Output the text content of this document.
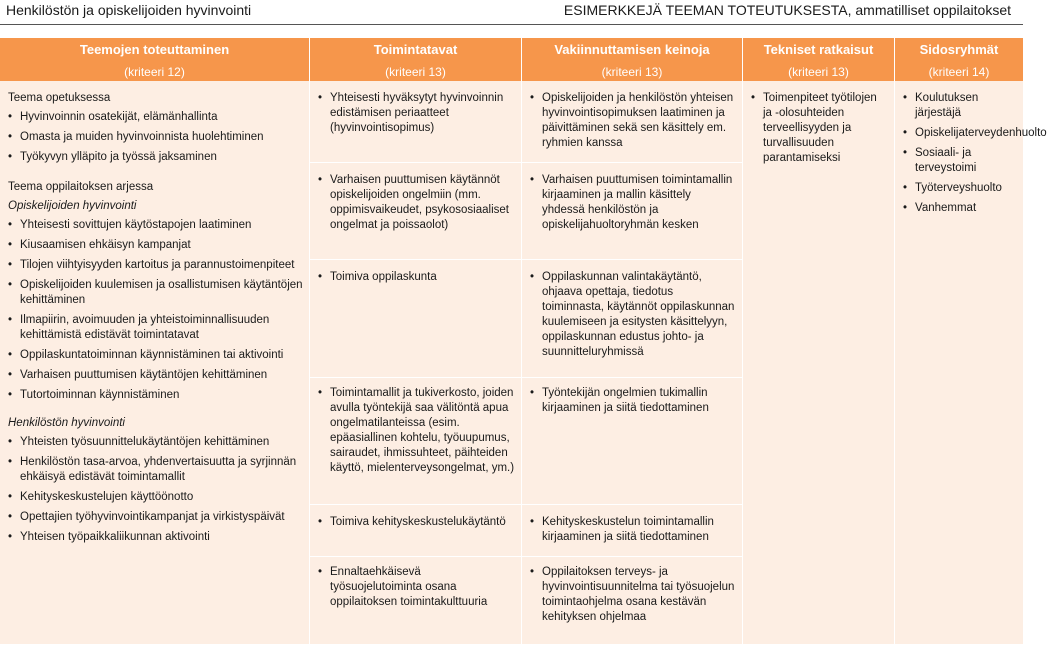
Henkilöstön ja opiskelijoiden hyvinvointi	ESIMERKKEJÄ TEEMAN TOTEUTUKSESTA, ammatilliset oppilaitokset
Teemojen toteuttaminen
(kriteeri 12)
Toimintatavat
(kriteeri 13)
Vakiinnuttamisen keinoja
(kriteeri 13)
Tekniset ratkaisut
(kriteeri 13)
Sidosryhmät
(kriteeri 14)
Teema opetuksessa
• Hyvinvoinnin osatekijät, elämänhallinta
• Omasta ja muiden hyvinvoinnista huolehtiminen
• Työkyvyn ylläpito ja työssä jaksaminen
Teema oppilaitoksen arjessa
Opiskelijoiden hyvinvointi
• Yhteisesti sovittujen käytöstapojen laatiminen
• Kiusaamisen ehkäisyn kampanjat
• Tilojen viihtyisyyden kartoitus ja parannustoimenpiteet
• Opiskelijoiden kuulemisen ja osallistumisen käytäntöjen kehittäminen
• Ilmapiirin, avoimuuden ja yhteistoiminnallisuuden kehittämistä edistävät toimintatavat
• Oppilaskuntatoiminnan käynnistäminen tai aktivointi
• Varhaisen puuttumisen käytäntöjen kehittäminen
• Tutortoiminnan käynnistäminen
Henkilöstön hyvinvointi
• Yhteisten työsuunnittelukäytäntöjen kehittäminen
• Henkilöstön tasa-arvoa, yhdenvertaisuutta ja syrjinnän ehkäisyä edistävät toimintamallit
• Kehityskeskustelujen käyttöönotto
• Opettajien työhyvinvointikampanjat ja virkistyspäivät
• Yhteisen työpaikkaliikunnan aktivointi
• Yhteisesti hyväksytyt hyvinvoinnin edistämisen periaatteet (hyvinvointisopimus)
• Varhaisen puuttumisen käytännöt opiskelijoiden ongelmiin (mm. oppimisvaikeudet, psykososiaaliset ongelmat ja poissaolot)
• Toimiva oppilaskunta
• Toimintamallit ja tukiverkosto, joiden avulla työntekijä saa välitöntä apua ongelmatilanteissa (esim. epäasiallinen kohtelu, työuupumus, sairaudet, ihmissuhteet, päihteiden käyttö, mielenterveysongelmat, ym.)
• Toimiva kehityskeskustelukäytäntö
• Ennaltaehkäisevä työsuojelutoiminta osana oppilaitoksen toimintakulttuuria
• Opiskelijoiden ja henkilöstön yhteisen hyvinvointisopimuksen laatiminen ja päivittäminen sekä sen käsittely em. ryhmien kanssa
• Varhaisen puuttumisen toimintamallin kirjaaminen ja mallin käsittely yhdessä henkilöstön ja opiskelijahuoltoryhmän kesken
• Oppilaskunnan valintakäytäntö, ohjaava opettaja, tiedotus toiminnasta, käytännöt oppilaskunnan kuulemiseen ja esitysten käsittelyyn, oppilaskunnan edustus johto- ja suunnitteluryhmissä
• Työntekijän ongelmien tukimallin kirjaaminen ja siitä tiedottaminen
• Kehityskeskustelun toimintamallin kirjaaminen ja siitä tiedottaminen
• Oppilaitoksen terveys- ja hyvinvointisuunnitelma tai työsuojelun toimintaohjelma osana kestävän kehityksen ohjelmaa
• Toimenpiteet työtilojen ja -olosuhteiden terveellisyyden ja turvallisuuden parantamiseksi
• Koulutuksen järjestäjä
• Opiskelijaterveydenhuolto
• Sosiaali- ja terveystoimi
• Työterveyshuolto
• Vanhemmat
